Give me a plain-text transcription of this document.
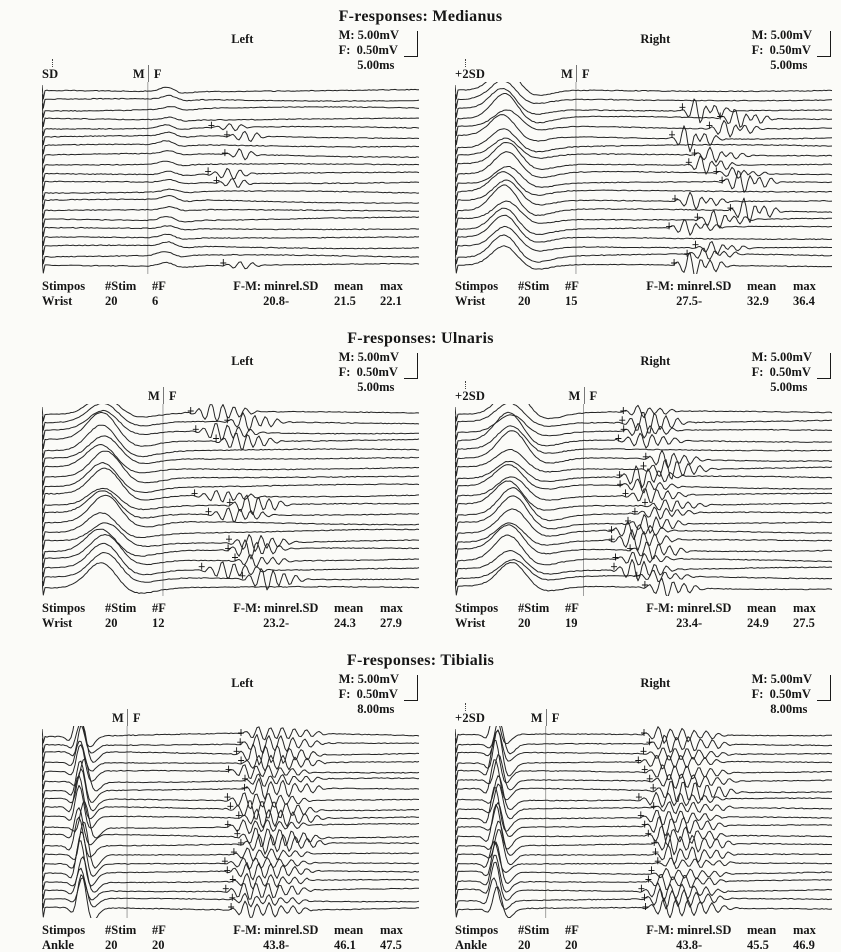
F-responses: Medianus
Left
SD	M F
M: 5.00mV
F:  0.50mV
5.00ms
Stimpos	#Stim	#F	F-M: min rel.SD	mean	max
Wrist	20	6	20.8 -	21.5	22.1
Right
+2SD	M F
M: 5.00mV
F:  0.50mV
5.00ms
Stimpos	#Stim	#F	F-M: min rel.SD	mean	max
Wrist	20	15	27.5 -	32.9	36.4
F-responses: Ulnaris
Left
M F
M: 5.00mV
F:  0.50mV
5.00ms
Stimpos	#Stim	#F	F-M: min rel.SD	mean	max
Wrist	20	12	23.2 -	24.3	27.9
Right
+2SD	M F
M: 5.00mV
F:  0.50mV
5.00ms
Stimpos	#Stim	#F	F-M: min rel.SD	mean	max
Wrist	20	19	23.4 -	24.9	27.5
F-responses: Tibialis
Left
M F
M: 5.00mV
F:  0.50mV
8.00ms
Stimpos	#Stim	#F	F-M: min rel.SD	mean	max
Ankle	20	20	43.8 -	46.1	47.5
Right
+2SD	M F
M: 5.00mV
F:  0.50mV
8.00ms
Stimpos	#Stim	#F	F-M: min rel.SD	mean	max
Ankle	20	20	43.8 -	45.5	46.9
